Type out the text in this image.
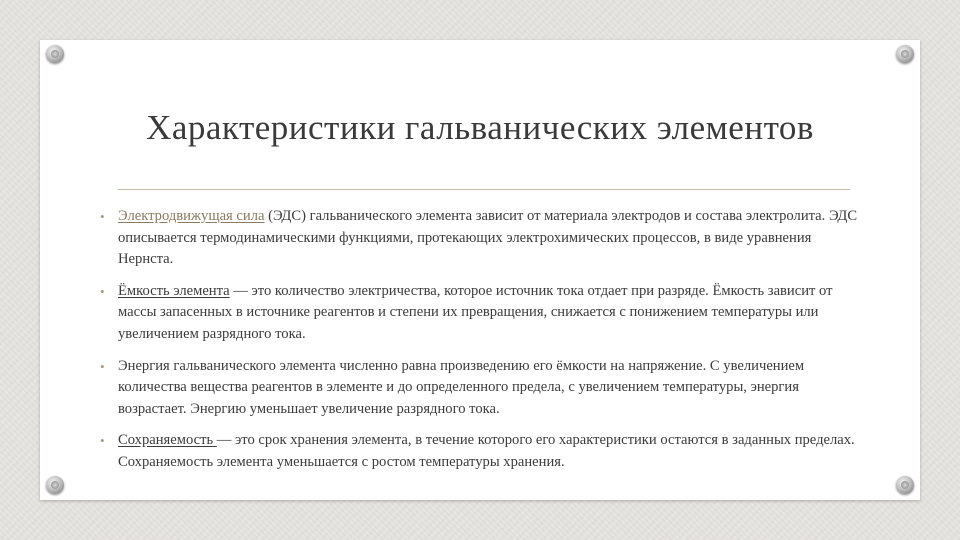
Характеристики гальванических элементов
• Электродвижущая сила (ЭДС) гальванического элемента зависит от материала электродов и состава электролита. ЭДС описывается термодинамическими функциями, протекающих электрохимических процессов, в виде уравнения Нернста.
• Ёмкость элемента — это количество электричества, которое источник тока отдает при разряде. Ёмкость зависит от массы запасенных в источнике реагентов и степени их превращения, снижается с понижением температуры или увеличением разрядного тока.
• Энергия гальванического элемента численно равна произведению его ёмкости на напряжение. С увеличением количества вещества реагентов в элементе и до определенного предела, с увеличением температуры, энергия возрастает. Энергию уменьшает увеличение разрядного тока.
• Сохраняемость — это срок хранения элемента, в течение которого его характеристики остаются в заданных пределах. Сохраняемость элемента уменьшается с ростом температуры хранения.
